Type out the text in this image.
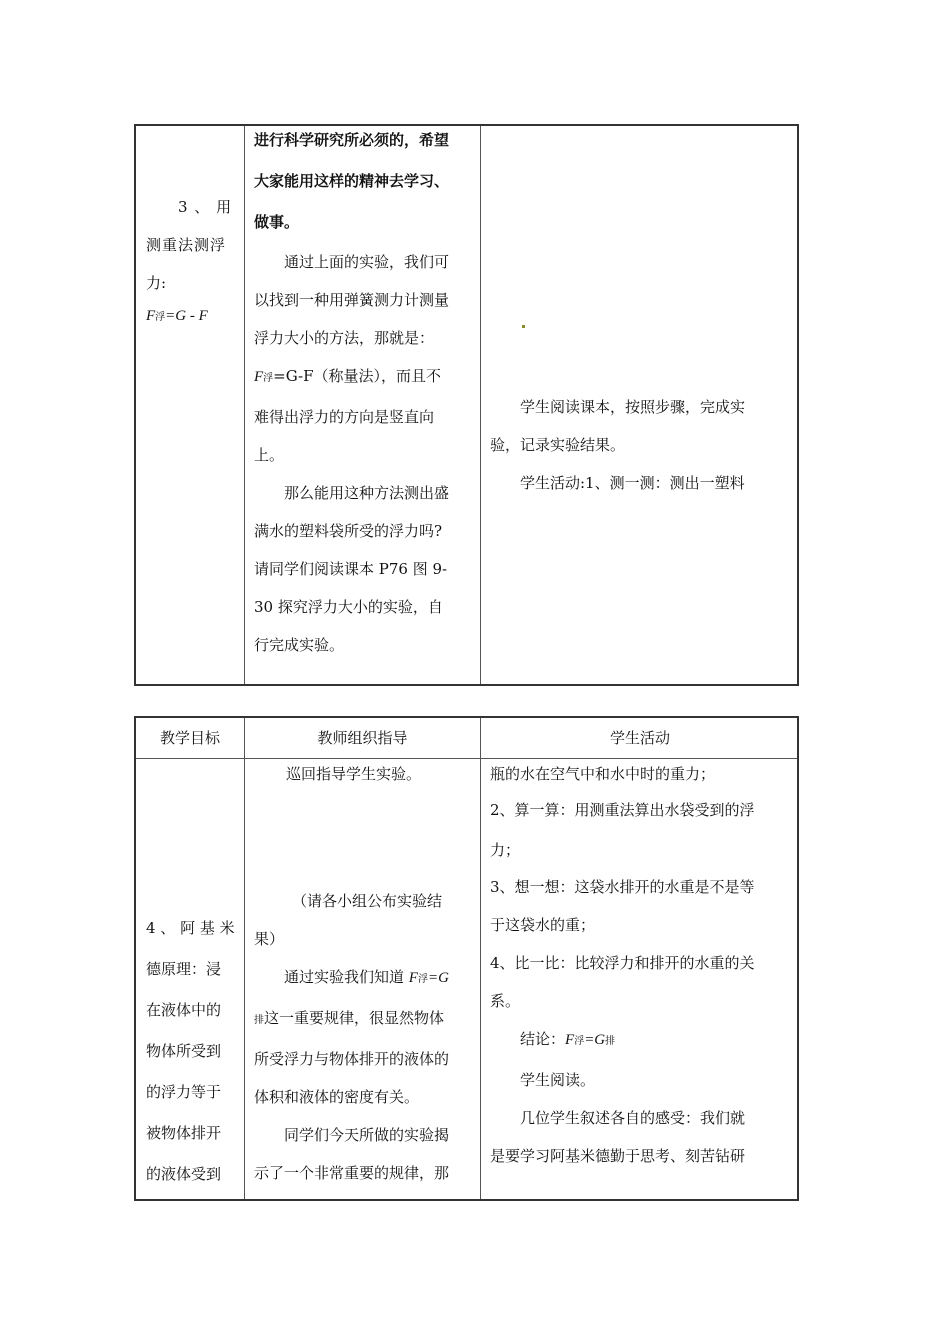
3 、 用

测重法测浮

力:

F浮=G - F

进行科学研究所必须的，希望

大家能用这样的精神去学习、

做事。

通过上面的实验，我们可

以找到一种用弹簧测力计测量

浮力大小的方法，那就是：

F浮=G-F（称量法），而且不

难得出浮力的方向是竖直向

上。

那么能用这种方法测出盛

满水的塑料袋所受的浮力吗?

请同学们阅读课本 P76 图 9-

30 探究浮力大小的实验，自

行完成实验。

学生阅读课本，按照步骤，完成实

验，记录实验结果。

学生活动:1、测一测：测出一塑料

教学目标	教师组织指导	学生活动

4 、 阿 基 米

德原理：浸

在液体中的

物体所受到

的浮力等于

被物体排开

的液体受到

巡回指导学生实验。

（请各小组公布实验结

果）

通过实验我们知道 F浮=G

排这一重要规律，很显然物体

所受浮力与物体排开的液体的

体积和液体的密度有关。

同学们今天所做的实验揭

示了一个非常重要的规律，那

瓶的水在空气中和水中时的重力；

2、算一算：用测重法算出水袋受到的浮

力；

3、想一想：这袋水排开的水重是不是等

于这袋水的重；

4、比一比：比较浮力和排开的水重的关

系。

结论：F浮=G排

学生阅读。

几位学生叙述各自的感受：我们就

是要学习阿基米德勤于思考、刻苦钻研
